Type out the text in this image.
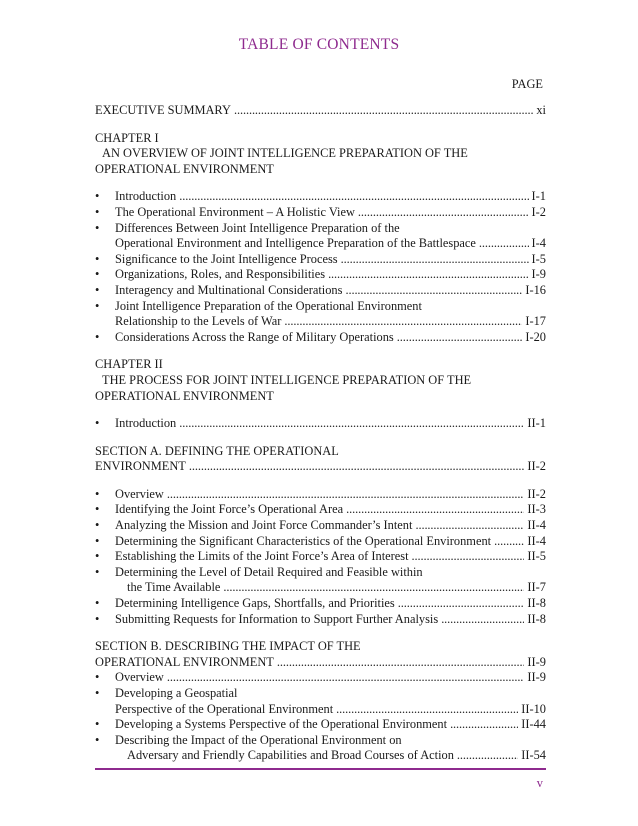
TABLE OF CONTENTS
PAGE
EXECUTIVE SUMMARY . . .	xi
CHAPTER I
AN OVERVIEW OF JOINT INTELLIGENCE PREPARATION OF THE
OPERATIONAL ENVIRONMENT
•	Introduction . . .	I-1
•	The Operational Environment – A Holistic View . . .	I-2
•	Differences Between Joint Intelligence Preparation of the
Operational Environment and Intelligence Preparation of the Battlespace . . .	I-4
•	Significance to the Joint Intelligence Process . . .	I-5
•	Organizations, Roles, and Responsibilities . . .	I-9
•	Interagency and Multinational Considerations . . .	I-16
•	Joint Intelligence Preparation of the Operational Environment
Relationship to the Levels of War . . .	I-17
•	Considerations Across the Range of Military Operations . . .	I-20
CHAPTER II
THE PROCESS FOR JOINT INTELLIGENCE PREPARATION OF THE
OPERATIONAL ENVIRONMENT
•	Introduction . . .	II-1
SECTION A. DEFINING THE OPERATIONAL
ENVIRONMENT . . .	II-2
•	Overview . . .	II-2
•	Identifying the Joint Force’s Operational Area . . .	II-3
•	Analyzing the Mission and Joint Force Commander’s Intent . . .	II-4
•	Determining the Significant Characteristics of the Operational Environment . . .	II-4
•	Establishing the Limits of the Joint Force’s Area of Interest . . .	II-5
•	Determining the Level of Detail Required and Feasible within
the Time Available . . .	II-7
•	Determining Intelligence Gaps, Shortfalls, and Priorities . . .	II-8
•	Submitting Requests for Information to Support Further Analysis . . .	II-8
SECTION B. DESCRIBING THE IMPACT OF THE
OPERATIONAL ENVIRONMENT . . .	II-9
•	Overview . . .	II-9
•	Developing a Geospatial
Perspective of the Operational Environment . . .	II-10
•	Developing a Systems Perspective of the Operational Environment . . .	II-44
•	Describing the Impact of the Operational Environment on
Adversary and Friendly Capabilities and Broad Courses of Action . . .	II-54
v
